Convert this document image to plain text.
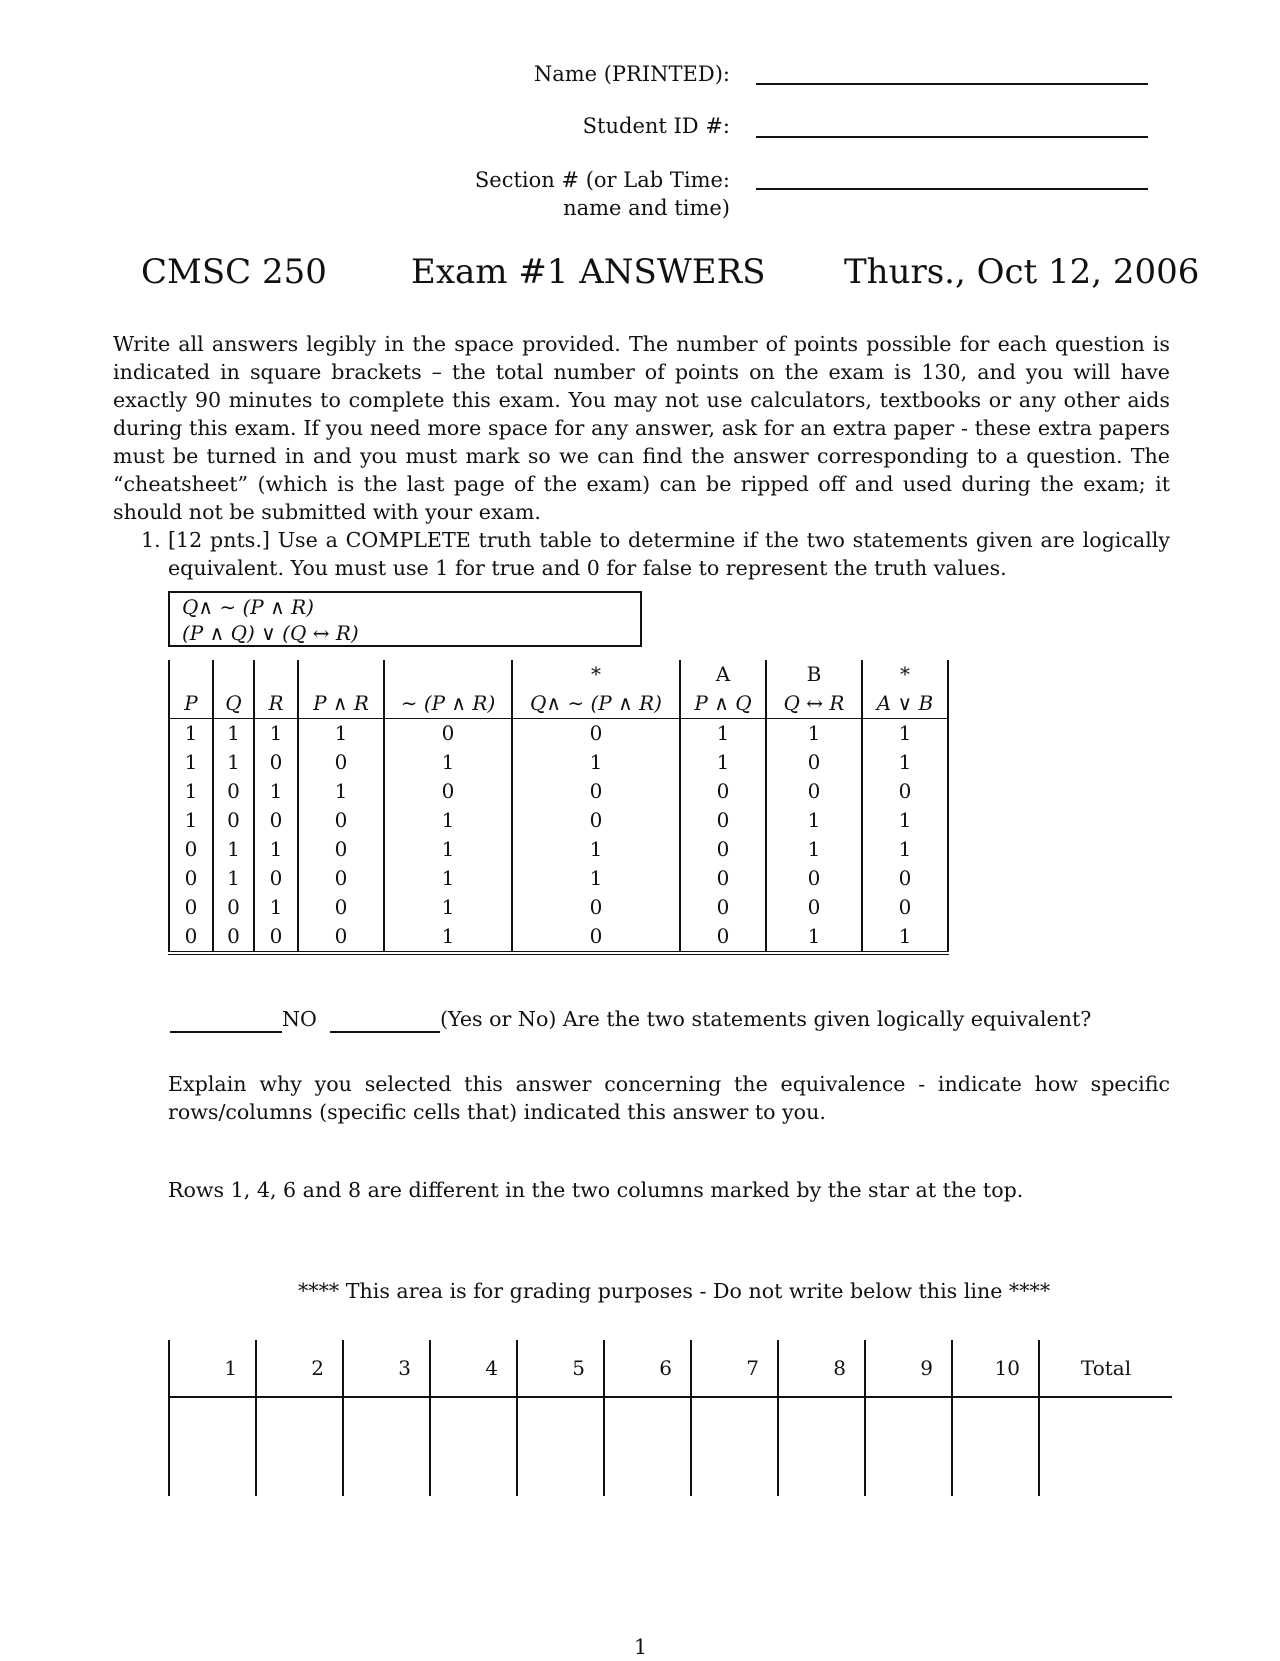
Name (PRINTED):
Student ID #:
Section # (or Lab Time:
name and time)
CMSC 250 Exam #1 ANSWERS Thurs., Oct 12, 2006
Write all answers legibly in the space provided. The number of points possible for each question is indicated in square brackets – the total number of points on the exam is 130, and you will have exactly 90 minutes to complete this exam. You may not use calculators, textbooks or any other aids during this exam. If you need more space for any answer, ask for an extra paper - these extra papers must be turned in and you must mark so we can find the answer corresponding to a question. The “cheatsheet” (which is the last page of the exam) can be ripped off and used during the exam; it should not be submitted with your exam.
1. [12 pnts.] Use a COMPLETE truth table to determine if the two statements given are logically equivalent. You must use 1 for true and 0 for false to represent the truth values.
Q∧ ∼ (P ∧ R)
(P ∧ Q) ∨ (Q ↔ R)
					*	A	B	*
P	Q	R	P ∧ R	∼ (P ∧ R)	Q∧ ∼ (P ∧ R)	P ∧ Q	Q ↔ R	A ∨ B
1	1	1	1	0	0	1	1	1
1	1	0	0	1	1	1	0	1
1	0	1	1	0	0	0	0	0
1	0	0	0	1	0	0	1	1
0	1	1	0	1	1	0	1	1
0	1	0	0	1	1	0	0	0
0	0	1	0	1	0	0	0	0
0	0	0	0	1	0	0	1	1
NO	(Yes or No) Are the two statements given logically equivalent?
Explain why you selected this answer concerning the equivalence - indicate how specific rows/columns (specific cells that) indicated this answer to you.
Rows 1, 4, 6 and 8 are different in the two columns marked by the star at the top.
**** This area is for grading purposes - Do not write below this line ****
1	2	3	4	5	6	7	8	9	10	Total

1
